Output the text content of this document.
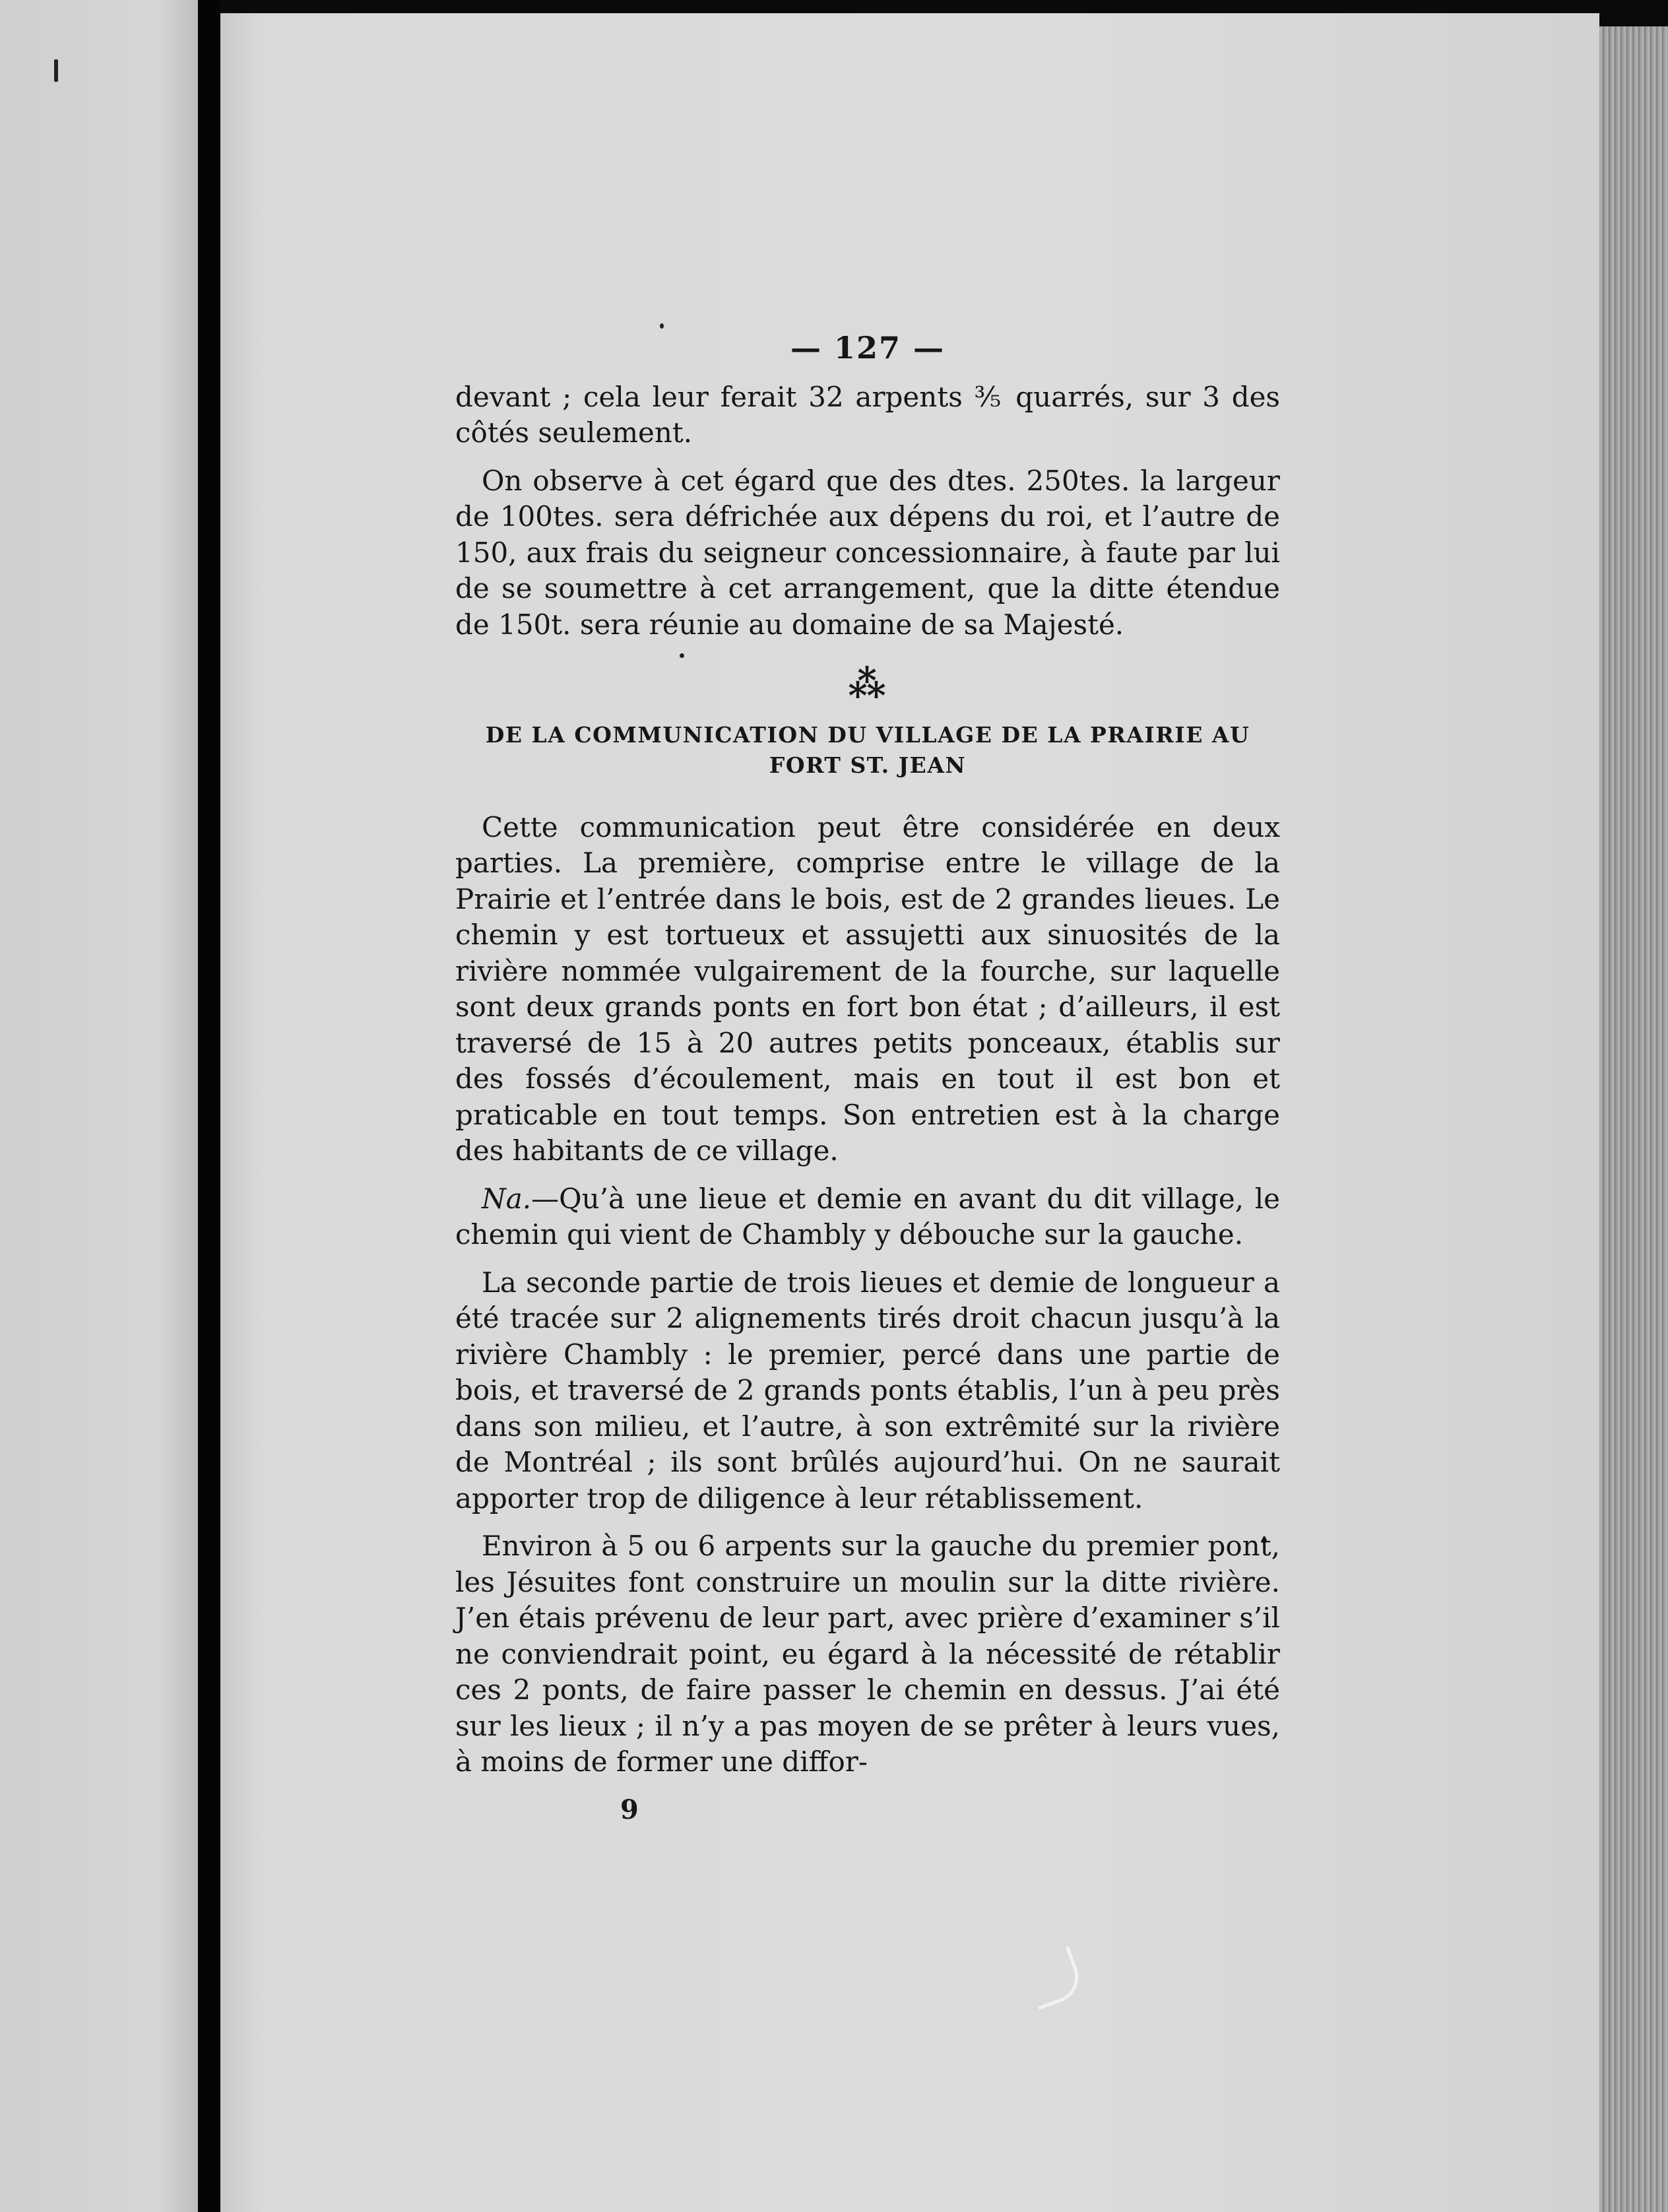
— 127 —

devant ; cela leur ferait 32 arpents ⅗ quarrés, sur 3 des côtés seulement.

On observe à cet égard que des dtes. 250tes. la largeur de 100tes. sera défrichée aux dépens du roi, et l’autre de 150, aux frais du seigneur concessionnaire, à faute par lui de se soumettre à cet arrangement, que la ditte étendue de 150t. sera réunie au domaine de sa Majesté.

⁂
DE LA COMMUNICATION DU VILLAGE DE LA PRAIRIE AU FORT ST. JEAN

Cette communication peut être considérée en deux parties. La première, comprise entre le village de la Prairie et l’entrée dans le bois, est de 2 grandes lieues. Le chemin y est tortueux et assujetti aux sinuosités de la rivière nommée vulgairement de la fourche, sur laquelle sont deux grands ponts en fort bon état ; d’ailleurs, il est traversé de 15 à 20 autres petits ponceaux, établis sur des fossés d’écoulement, mais en tout il est bon et praticable en tout temps. Son entretien est à la charge des habitants de ce village.

Na.—Qu’à une lieue et demie en avant du dit village, le chemin qui vient de Chambly y débouche sur la gauche.

La seconde partie de trois lieues et demie de longueur a été tracée sur 2 alignements tirés droit chacun jusqu’à la rivière Chambly : le premier, percé dans une partie de bois, et traversé de 2 grands ponts établis, l’un à peu près dans son milieu, et l’autre, à son extrêmité sur la rivière de Montréal ; ils sont brûlés aujourd’hui. On ne saurait apporter trop de diligence à leur rétablissement.

Environ à 5 ou 6 arpents sur la gauche du premier pont, les Jésuites font construire un moulin sur la ditte rivière. J’en étais prévenu de leur part, avec prière d’examiner s’il ne conviendrait point, eu égard à la nécessité de rétablir ces 2 ponts, de faire passer le chemin en dessus. J’ai été sur les lieux ; il n’y a pas moyen de se prêter à leurs vues, à moins de former une diffor-

9
